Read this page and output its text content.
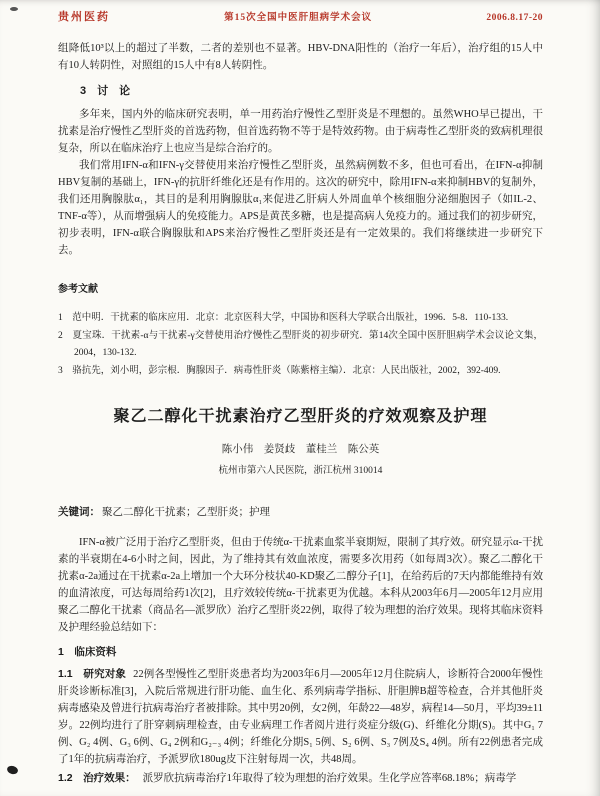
贵州医药	第15次全国中医肝胆病学术会议	2006.8.17-20

组降低10³以上的超过了半数，二者的差别也不显著。HBV-DNA阳性的（治疗一年后），治疗组的15人中有10人转阴性，对照组的15人中有8人转阴性。

3　讨　论

多年来，国内外的临床研究表明，单一用药治疗慢性乙型肝炎是不理想的。虽然WHO早已提出，干扰素是治疗慢性乙型肝炎的首选药物，但首选药物不等于是特效药物。由于病毒性乙型肝炎的致病机理很复杂，所以在临床治疗上也应当是综合治疗的。

我们常用IFN-α和IFN-γ交替使用来治疗慢性乙型肝炎，虽然病例数不多，但也可看出，在IFN-α抑制HBV复制的基础上，IFN-γ的抗肝纤维化还是有作用的。这次的研究中，除用IFN-α来抑制HBV的复制外，我们还用胸腺肽α₁，其目的是利用胸腺肽α₁来促进乙肝病人外周血单个核细胞分泌细胞因子（如IL-2、TNF-α等），从而增强病人的免疫能力。APS是黄芪多糖，也是提高病人免疫力的。通过我们的初步研究，初步表明，IFN-α联合胸腺肽和APS来治疗慢性乙型肝炎还是有一定效果的。我们将继续进一步研究下去。

参考文献
1　范中明．干扰素的临床应用．北京：北京医科大学，中国协和医科大学联合出版社，1996．5-8．110-133.
2　夏宝珠．干扰素-α与干扰素-γ交替使用治疗慢性乙型肝炎的初步研究．第14次全国中医肝胆病学术会议论文集，2004，130-132.
3　骆抗先，刘小明，彭宗根．胸腺因子．病毒性肝炎（陈紫榕主编）．北京：人民出版社，2002，392-409.
聚乙二醇化干扰素治疗乙型肝炎的疗效观察及护理
陈小伟　姜贤歧　董桂兰　陈公英
杭州市第六人民医院，浙江杭州 310014

关键词： 聚乙二醇化干扰素；乙型肝炎；护理

IFN-α被广泛用于治疗乙型肝炎，但由于传统α-干扰素血浆半衰期短，限制了其疗效。研究显示α-干扰素的半衰期在4-6小时之间，因此，为了维持其有效血浓度，需要多次用药（如每周3次）。聚乙二醇化干扰素α-2a通过在干扰素α-2a上增加一个大环分枝状40-KD聚乙二醇分子[1]，在给药后的7天内都能维持有效的血清浓度，可达每周给药1次[2]，且疗效较传统α-干扰素更为优越。本科从2003年6月—2005年12月应用聚乙二醇化干扰素（商品名—派罗欣）治疗乙型肝炎22例，取得了较为理想的治疗效果。现将其临床资料及护理经验总结如下：

1　临床资料

1.1　研究对象 22例各型慢性乙型肝炎患者均为2003年6月—2005年12月住院病人，诊断符合2000年慢性肝炎诊断标准[3]，入院后常规进行肝功能、血生化、系列病毒学指标、肝胆脾B超等检查，合并其他肝炎病毒感染及曾进行抗病毒治疗者被排除。其中男20例，女2例，年龄22—48岁，病程14—50月，平均39±11岁。22例均进行了肝穿刺病理检查，由专业病理工作者阅片进行炎症分级(G)、纤维化分期(S)。其中G₁ 7例、G₂ 4例、G₃ 6例、G₄ 2例和G₂₋₃ 4例；纤维化分期S₁ 5例、S₂ 6例、S₃ 7例及S₄ 4例。所有22例患者完成了1年的抗病毒治疗，予派罗欣180ug皮下注射每周一次，共48周。

1.2　治疗效果： 派罗欣抗病毒治疗1年取得了较为理想的治疗效果。生化学应答率68.18%；病毒学
